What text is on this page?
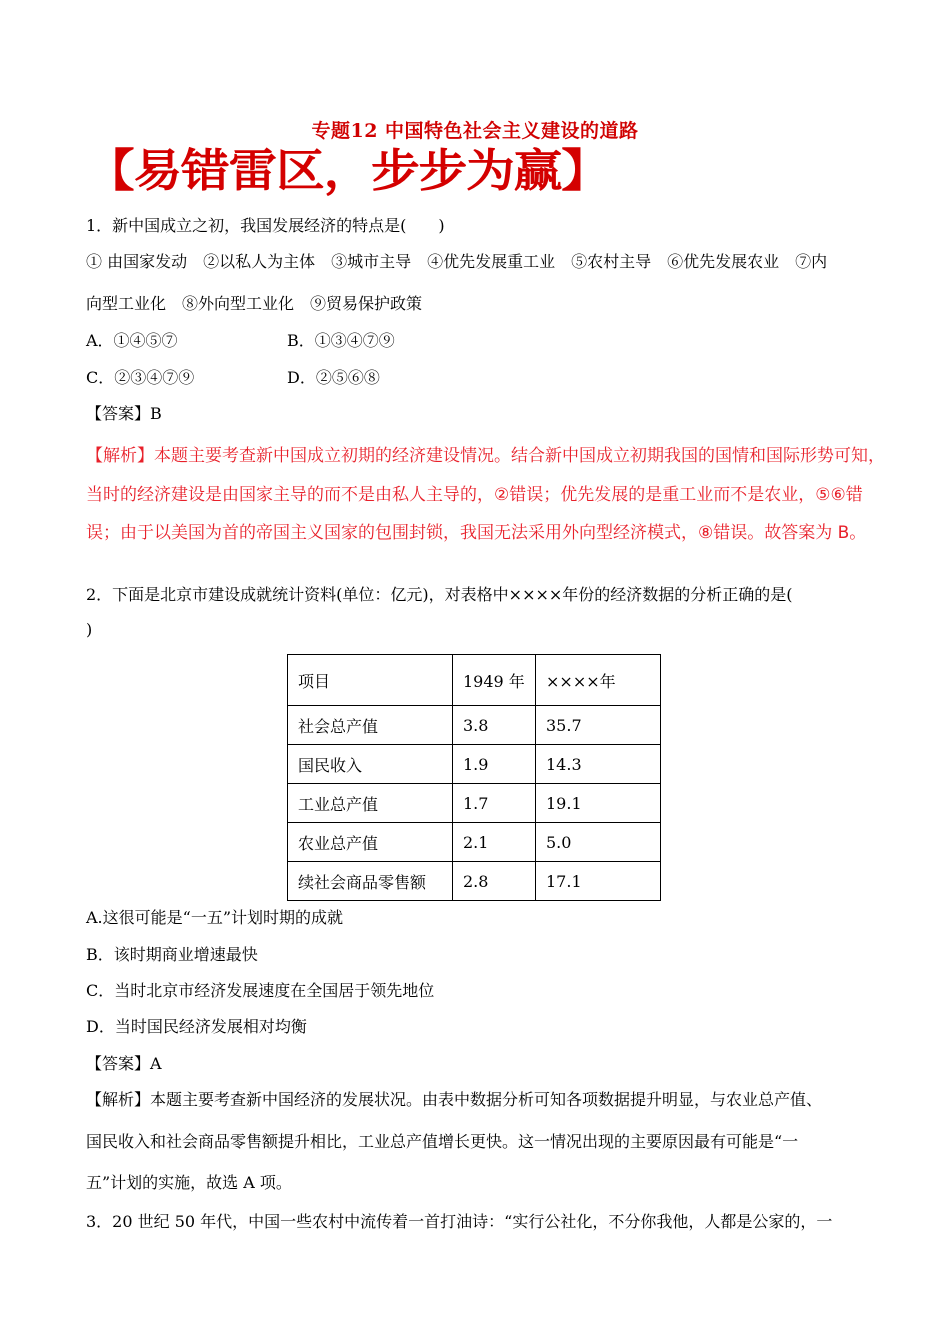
专题12 中国特色社会主义建设的道路
【易错雷区，步步为赢】
1．新中国成立之初，我国发展经济的特点是(　　)
① 由国家发动　②以私人为主体　③城市主导　④优先发展重工业　⑤农村主导　⑥优先发展农业　⑦内
向型工业化　⑧外向型工业化　⑨贸易保护政策
A．①④⑤⑦	B．①③④⑦⑨
C．②③④⑦⑨	D．②⑤⑥⑧
【答案】B
【解析】本题主要考查新中国成立初期的经济建设情况。结合新中国成立初期我国的国情和国际形势可知，
当时的经济建设是由国家主导的而不是由私人主导的，②错误；优先发展的是重工业而不是农业，⑤⑥错
误；由于以美国为首的帝国主义国家的包围封锁，我国无法采用外向型经济模式，⑧错误。故答案为 B。
2．下面是北京市建设成就统计资料(单位：亿元)，对表格中××××年份的经济数据的分析正确的是(
)
项目	1949 年	××××年
社会总产值	3.8	35.7
国民收入	1.9	14.3
工业总产值	1.7	19.1
农业总产值	2.1	5.0
续社会商品零售额	2.8	17.1
A.这很可能是“一五”计划时期的成就
B．该时期商业增速最快
C．当时北京市经济发展速度在全国居于领先地位
D．当时国民经济发展相对均衡
【答案】A
【解析】本题主要考查新中国经济的发展状况。由表中数据分析可知各项数据提升明显，与农业总产值、
国民收入和社会商品零售额提升相比，工业总产值增长更快。这一情况出现的主要原因最有可能是“一
五”计划的实施，故选 A 项。
3．20 世纪 50 年代，中国一些农村中流传着一首打油诗：“实行公社化，不分你我他，人都是公家的，一
